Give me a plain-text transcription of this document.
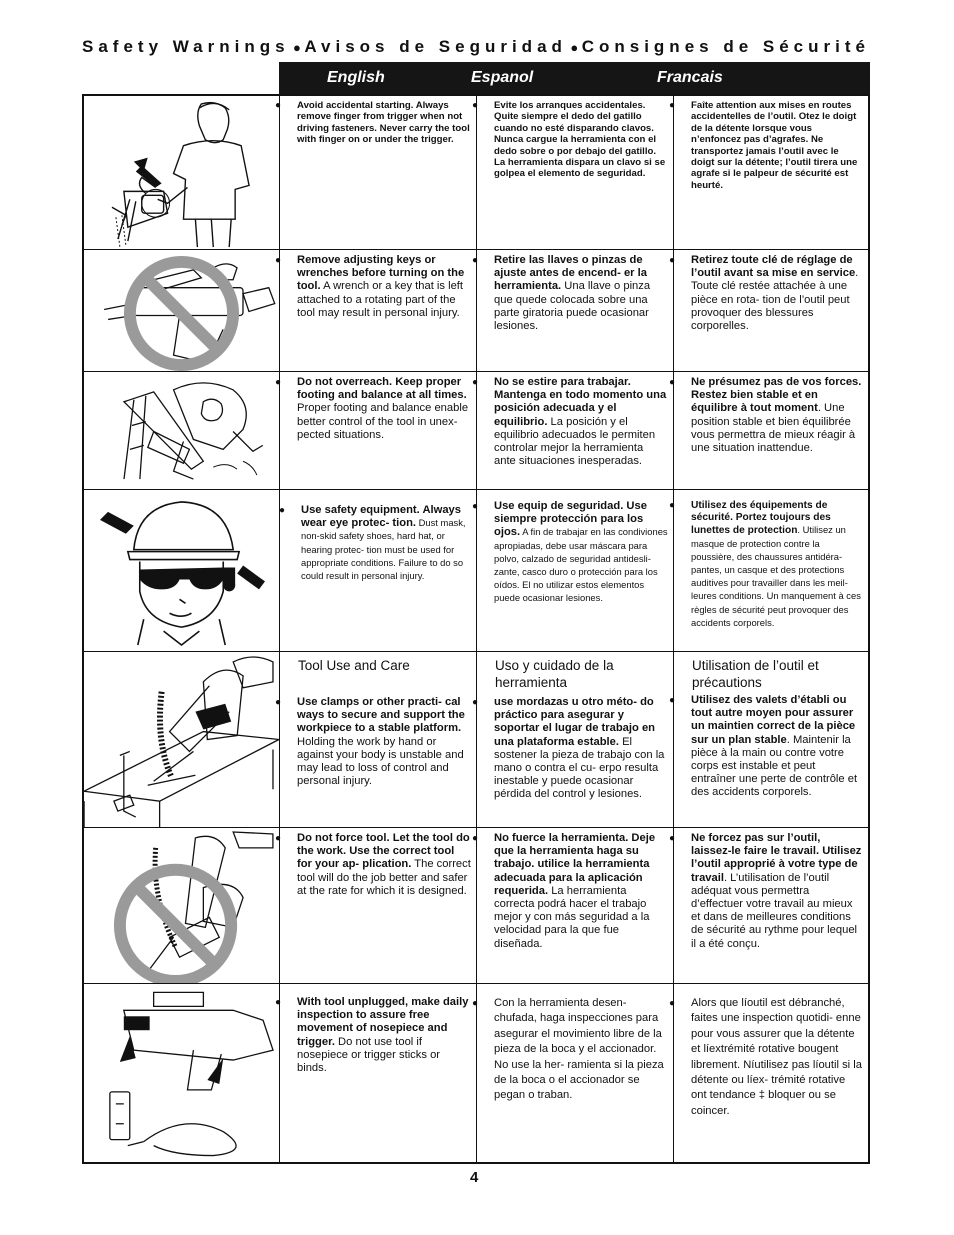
Safety Warnings ● Avisos de Seguridad ● Consignes de Sécurité
English	Espanol	Francais
● Avoid accidental starting. Always remove finger from trigger when not driving fasteners. Never carry the tool with finger on or under the trigger.
● Evite los arranques accidentales. Quite siempre el dedo del gatillo cuando no esté disparando clavos. Nunca cargue la herramienta con el dedo sobre o por debajo del gatillo. La herramienta dispara un clavo si se golpea el elemento de seguridad.
● Faîte attention aux mises en routes accidentelles de l’outil. Otez le doigt de la détente lorsque vous n’enfoncez pas d’agrafes. Ne transportez jamais l’outil avec le doigt sur la détente; l’outil tirera une agrafe si le palpeur de sécurité est heurté.
● Remove adjusting keys or wrenches before turning on the tool. A wrench or a key that is left attached to a rotating part of the tool may result in personal injury.
● Retire las llaves o pinzas de ajuste antes de encend- er la herramienta. Una llave o pinza que quede colocada sobre una parte giratoria puede ocasionar lesiones.
● Retirez toute clé de réglage de l’outil avant sa mise en service. Toute clé restée attachée à une pièce en rota- tion de l’outil peut provoquer des blessures corporelles.
● Do not overreach. Keep proper footing and balance at all times. Proper footing and balance enable better control of the tool in unex- pected situations.
● No se estire para trabajar. Mantenga en todo momento una posición adecuada y el equilibrio. La posición y el equilibrio adecuados le permiten controlar mejor la herramienta ante situaciones inesperadas.
● Ne présumez pas de vos forces. Restez bien stable et en équilibre à tout moment. Une position stable et bien équilibrée vous permettra de mieux réagir à une situation inattendue.
● Use safety equipment. Always wear eye protec- tion. Dust mask, non-skid safety shoes, hard hat, or hearing protec- tion must be used for appropriate conditions. Failure to do so could result in personal injury.
● Use equip de seguridad. Use siempre protección para los ojos. A fin de trabajar en las condiviones apropiadas, debe usar máscara para polvo, calzado de seguridad antidesli- zante, casco duro o protección para los oídos. El no utilizar estos elementos puede ocasionar lesiones.
● Utilisez des équipements de sécurité. Portez toujours des lunettes de protection. Utilisez un masque de protection contre la poussière, des chaussures antidéra- pantes, un casque et des protections auditives pour travailler dans les meil- leures conditions. Un manquement à ces règles de sécurité peut provoquer des accidents corporels.
Tool Use and Care
● Use clamps or other practi- cal ways to secure and support the workpiece to a stable platform. Holding the work by hand or against your body is unstable and may lead to loss of control and personal injury.
Uso y cuidado de la herramienta
● use mordazas u otro méto- do práctico para asegurar y soportar el lugar de trabajo en una plataforma estable. El sostener la pieza de trabajo con la mano o contra el cu- erpo resulta inestable y puede ocasionar pérdida del control y lesiones.
Utilisation de l’outil et précautions
● Utilisez des valets d’établi ou tout autre moyen pour assurer un maintien correct de la pièce sur un plan stable. Maintenir la pièce à la main ou contre votre corps est instable et peut entraîner une perte de contrôle et des accidents corporels.
● Do not force tool. Let the tool do the work. Use the correct tool for your ap- plication. The correct tool will do the job better and safer at the rate for which it is designed.
● No fuerce la herramienta. Deje que la herramienta haga su trabajo. utilice la herramienta adecuada para la aplicación requerida. La herramienta correcta podrá hacer el trabajo mejor y con más seguridad a la velocidad para la que fue diseñada.
● Ne forcez pas sur l’outil, laissez-le faire le travail. Utilisez l’outil approprié à votre type de travail. L’utilisation de l’outil adéquat vous permettra d’effectuer votre travail au mieux et dans de meilleures conditions de sécurité au rythme pour lequel il a été conçu.
● With tool unplugged, make daily inspection to assure free movement of nosepiece and trigger. Do not use tool if nosepiece or trigger sticks or binds.
● Con la herramienta desen- chufada, haga inspecciones para asegurar el movimiento libre de la pieza de la boca y el accionador. No use la her- ramienta si la pieza de la boca o el accionador se pegan o traban.
● Alors que líoutil est débranché, faites une inspection quotidi- enne pour vous assurer que la détente et líextrémité rotative bougent librement. Níutilisez pas líoutil si la détente ou líex- trémité rotative ont tendance ‡ bloquer ou se coincer.
4
